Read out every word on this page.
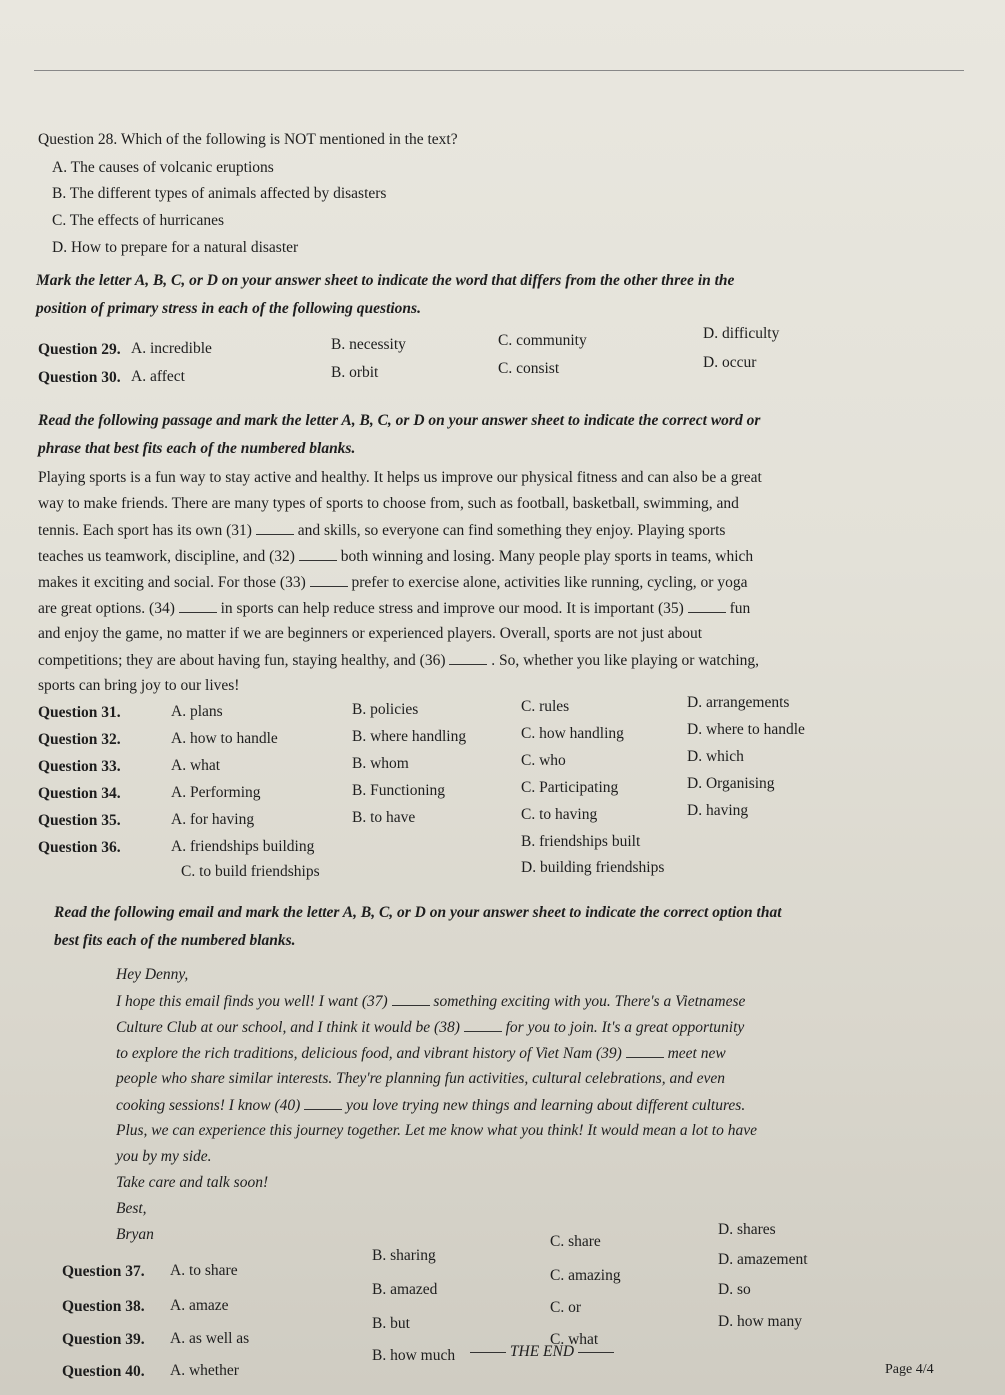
Question 28. Which of the following is NOT mentioned in the text?
A. The causes of volcanic eruptions
B. The different types of animals affected by disasters
C. The effects of hurricanes
D. How to prepare for a natural disaster
Mark the letter A, B, C, or D on your answer sheet to indicate the word that differs from the other three in the
position of primary stress in each of the following questions.
Question 29. A. incredible	B. necessity	C. community	D. difficulty
Question 30. A. affect	B. orbit	C. consist	D. occur
Read the following passage and mark the letter A, B, C, or D on your answer sheet to indicate the correct word or
phrase that best fits each of the numbered blanks.
Playing sports is a fun way to stay active and healthy. It helps us improve our physical fitness and can also be a great
way to make friends. There are many types of sports to choose from, such as football, basketball, swimming, and
tennis. Each sport has its own (31)	and skills, so everyone can find something they enjoy. Playing sports
teaches us teamwork, discipline, and (32)	both winning and losing. Many people play sports in teams, which
makes it exciting and social. For those (33)	prefer to exercise alone, activities like running, cycling, or yoga
are great options. (34)	in sports can help reduce stress and improve our mood. It is important (35)	fun
and enjoy the game, no matter if we are beginners or experienced players. Overall, sports are not just about
competitions; they are about having fun, staying healthy, and (36)	. So, whether you like playing or watching,
sports can bring joy to our lives!
Question 31.	A. plans	B. policies	C. rules	D. arrangements
Question 32.	A. how to handle	B. where handling	C. how handling	D. where to handle
Question 33.	A. what	B. whom	C. who	D. which
Question 34.	A. Performing	B. Functioning	C. Participating	D. Organising
Question 35.	A. for having	B. to have	C. to having	D. having
Question 36.	A. friendships building	B. friendships built
C. to build friendships	D. building friendships
Read the following email and mark the letter A, B, C, or D on your answer sheet to indicate the correct option that
best fits each of the numbered blanks.
Hey Denny,
I hope this email finds you well! I want (37)	something exciting with you. There's a Vietnamese
Culture Club at our school, and I think it would be (38)	for you to join. It's a great opportunity
to explore the rich traditions, delicious food, and vibrant history of Viet Nam (39)	meet new
people who share similar interests. They're planning fun activities, cultural celebrations, and even
cooking sessions! I know (40)	you love trying new things and learning about different cultures.
Plus, we can experience this journey together. Let me know what you think! It would mean a lot to have
you by my side.
Take care and talk soon!
Best,
Bryan
Question 37. A. to share
B. sharing
C. share
D. shares
Question 38. A. amaze
B. amazed
C. amazing
D. amazement
Question 39. A. as well as
B. but
C. or
D. so
Question 40. A. whether
B. how much
C. what
D. how many
THE END
Page 4/4
